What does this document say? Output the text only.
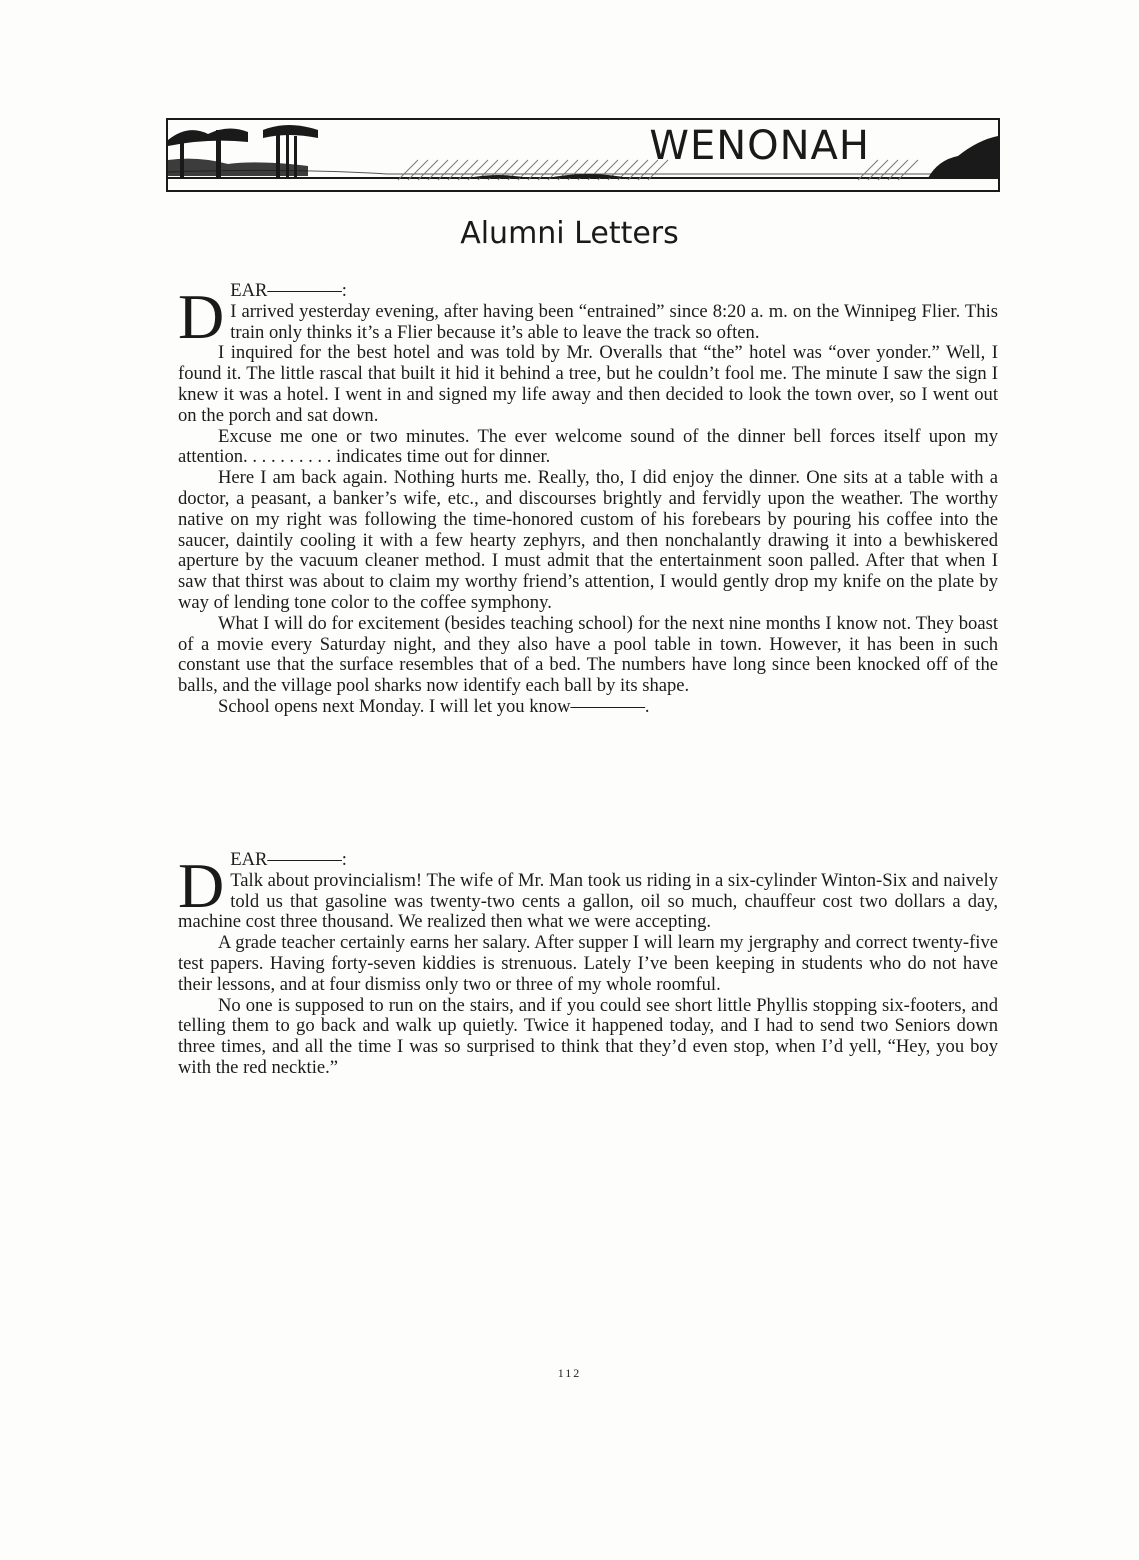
WENONAH
Alumni Letters
D EAR————:

I arrived yesterday evening, after having been “entrained” since 8:20 a. m. on the Winnipeg Flier. This train only thinks it’s a Flier because it’s able to leave the track so often.

I inquired for the best hotel and was told by Mr. Overalls that “the” hotel was “over yonder.” Well, I found it. The little rascal that built it hid it behind a tree, but he couldn’t fool me. The minute I saw the sign I knew it was a hotel. I went in and signed my life away and then decided to look the town over, so I went out on the porch and sat down.

Excuse me one or two minutes. The ever welcome sound of the dinner bell forces itself upon my attention. . . . . . . . . . indicates time out for dinner.

Here I am back again. Nothing hurts me. Really, tho, I did enjoy the dinner. One sits at a table with a doctor, a peasant, a banker’s wife, etc., and discourses brightly and fervidly upon the weather. The worthy native on my right was following the time-honored custom of his forebears by pouring his coffee into the saucer, daintily cooling it with a few hearty zephyrs, and then nonchalantly drawing it into a bewhiskered aperture by the vacuum cleaner method. I must admit that the entertainment soon palled. After that when I saw that thirst was about to claim my worthy friend’s attention, I would gently drop my knife on the plate by way of lending tone color to the coffee symphony.

What I will do for excitement (besides teaching school) for the next nine months I know not. They boast of a movie every Saturday night, and they also have a pool table in town. However, it has been in such constant use that the surface resembles that of a bed. The numbers have long since been knocked off of the balls, and the village pool sharks now identify each ball by its shape.

School opens next Monday. I will let you know————.

D EAR————:

Talk about provincialism! The wife of Mr. Man took us riding in a six-cylinder Winton-Six and naively told us that gasoline was twenty-two cents a gallon, oil so much, chauffeur cost two dollars a day, machine cost three thousand. We realized then what we were accepting.

A grade teacher certainly earns her salary. After supper I will learn my jergraphy and correct twenty-five test papers. Having forty-seven kiddies is strenuous. Lately I’ve been keeping in students who do not have their lessons, and at four dismiss only two or three of my whole roomful.

No one is supposed to run on the stairs, and if you could see short little Phyllis stopping six-footers, and telling them to go back and walk up quietly. Twice it happened today, and I had to send two Seniors down three times, and all the time I was so surprised to think that they’d even stop, when I’d yell, “Hey, you boy with the red necktie.”

112
